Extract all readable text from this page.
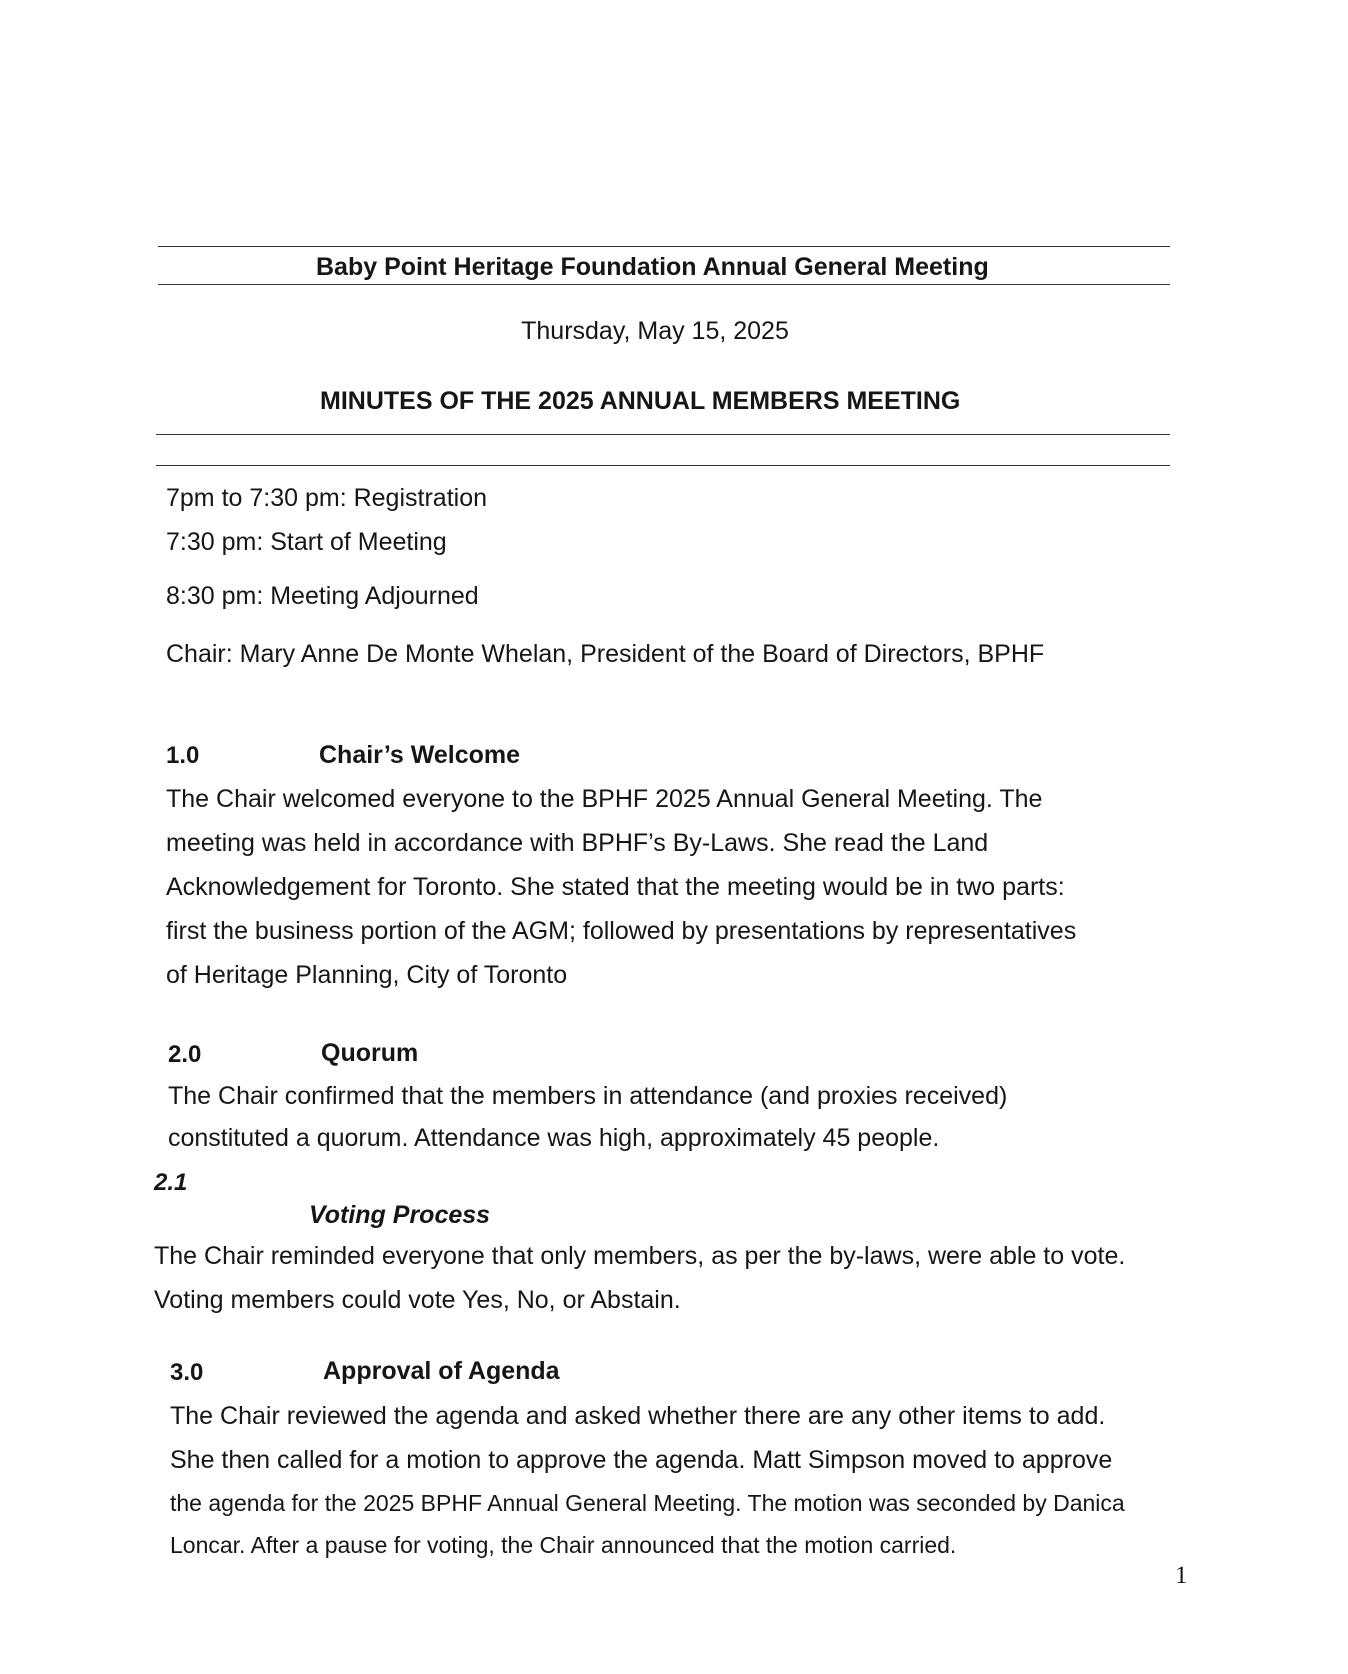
Baby Point Heritage Foundation Annual General Meeting
Thursday, May 15, 2025
MINUTES OF THE 2025 ANNUAL MEMBERS MEETING
7pm to 7:30 pm: Registration
7:30 pm: Start of Meeting
8:30 pm: Meeting Adjourned
Chair: Mary Anne De Monte Whelan, President of the Board of Directors, BPHF
1.0	Chair’s Welcome
The Chair welcomed everyone to the BPHF 2025 Annual General Meeting. The
meeting was held in accordance with BPHF’s By-Laws. She read the Land
Acknowledgement for Toronto. She stated that the meeting would be in two parts:
first the business portion of the AGM; followed by presentations by representatives
of Heritage Planning, City of Toronto
2.0	Quorum
The Chair confirmed that the members in attendance (and proxies received)
constituted a quorum. Attendance was high, approximately 45 people.
2.1
Voting Process
The Chair reminded everyone that only members, as per the by-laws, were able to vote.
Voting members could vote Yes, No, or Abstain.
3.0	Approval of Agenda
The Chair reviewed the agenda and asked whether there are any other items to add.
She then called for a motion to approve the agenda. Matt Simpson moved to approve
the agenda for the 2025 BPHF Annual General Meeting. The motion was seconded by Danica
Loncar. After a pause for voting, the Chair announced that the motion carried.
1
